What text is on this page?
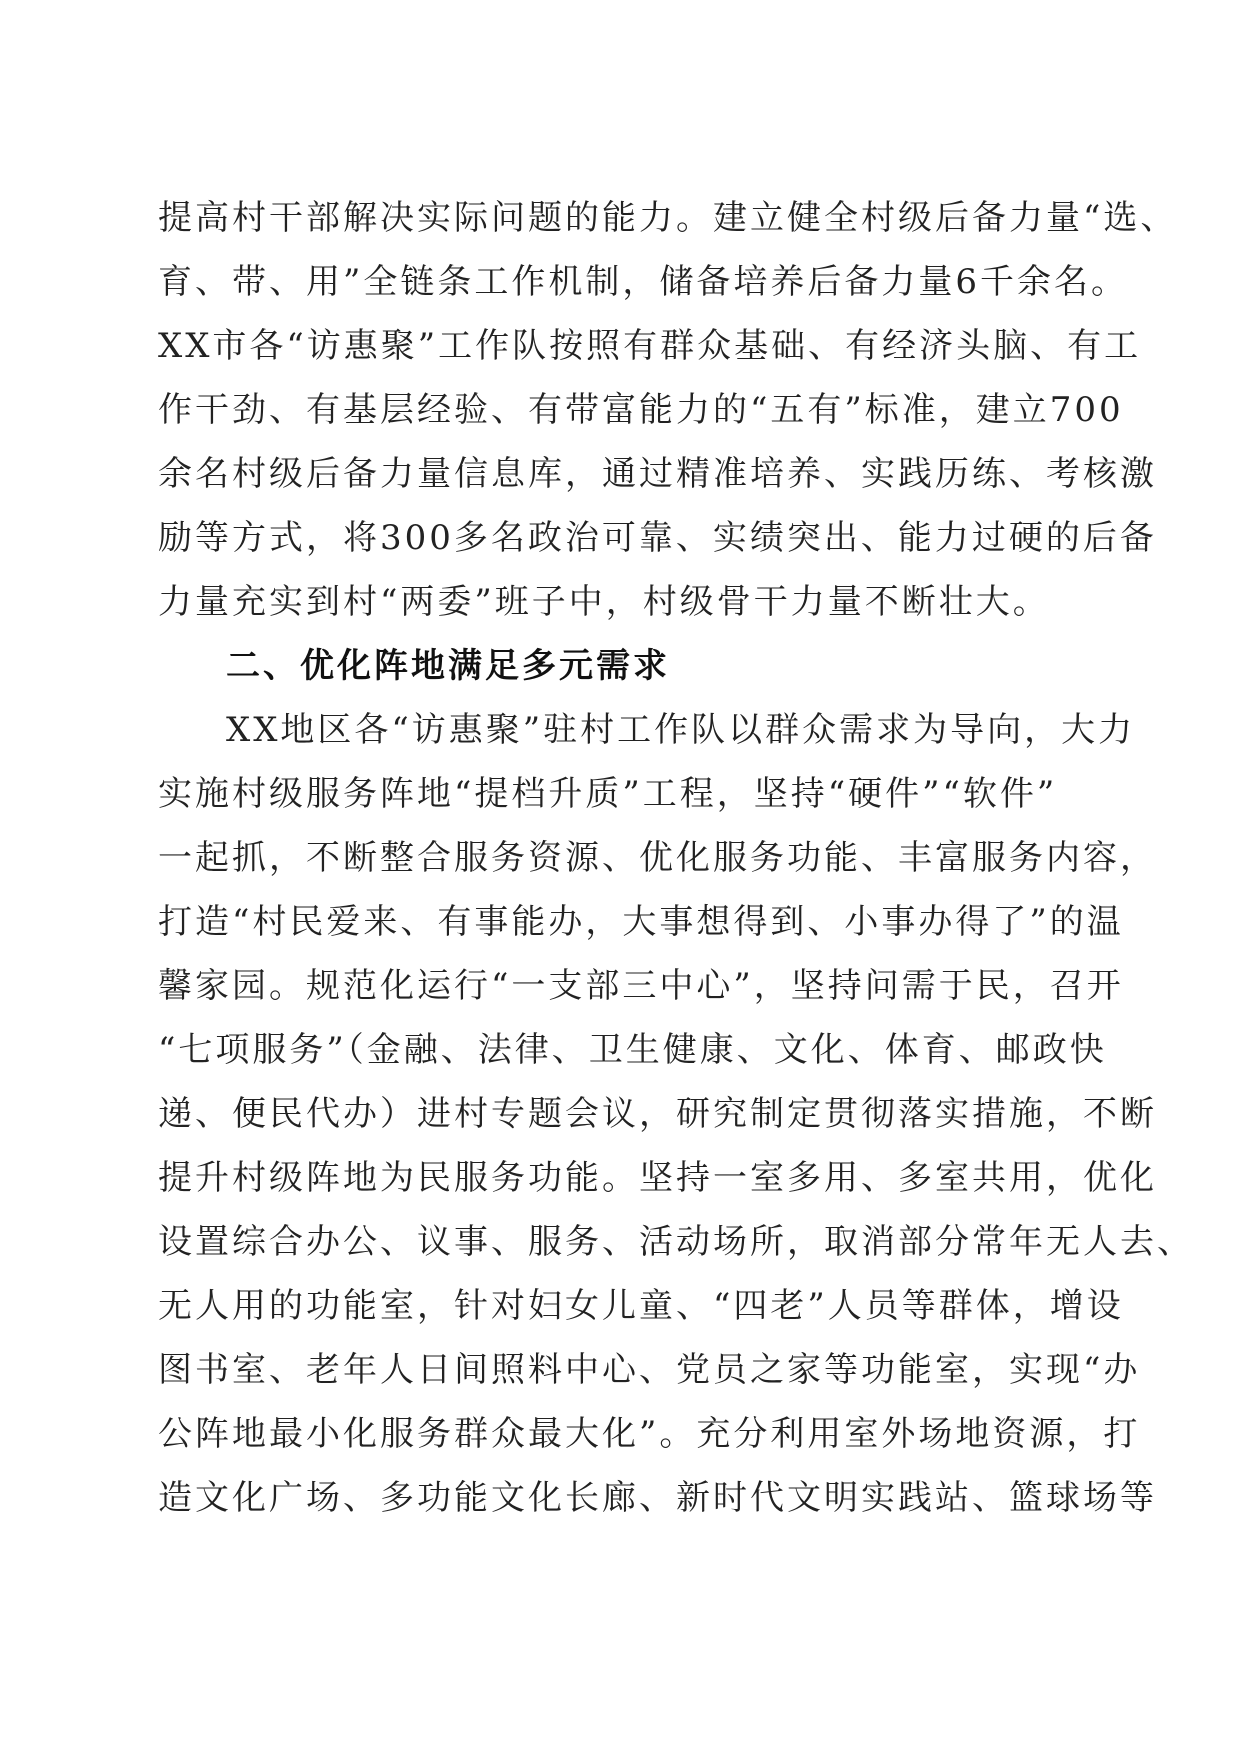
提高村干部解决实际问题的能力。建立健全村级后备力量“选、
育、带、用”全链条工作机制，储备培养后备力量6千余名。
XX市各“访惠聚”工作队按照有群众基础、有经济头脑、有工
作干劲、有基层经验、有带富能力的“五有”标准，建立700
余名村级后备力量信息库，通过精准培养、实践历练、考核激
励等方式，将300多名政治可靠、实绩突出、能力过硬的后备
力量充实到村“两委”班子中，村级骨干力量不断壮大。
二、优化阵地满足多元需求
XX地区各“访惠聚”驻村工作队以群众需求为导向，大力
实施村级服务阵地“提档升质”工程，坚持“硬件”“软件”
一起抓，不断整合服务资源、优化服务功能、丰富服务内容，
打造“村民爱来、有事能办，大事想得到、小事办得了”的温
馨家园。规范化运行“一支部三中心”，坚持问需于民，召开
“七项服务”（金融、法律、卫生健康、文化、体育、邮政快
递、便民代办）进村专题会议，研究制定贯彻落实措施，不断
提升村级阵地为民服务功能。坚持一室多用、多室共用，优化
设置综合办公、议事、服务、活动场所，取消部分常年无人去、
无人用的功能室，针对妇女儿童、“四老”人员等群体，增设
图书室、老年人日间照料中心、党员之家等功能室，实现“办
公阵地最小化服务群众最大化”。充分利用室外场地资源，打
造文化广场、多功能文化长廊、新时代文明实践站、篮球场等
